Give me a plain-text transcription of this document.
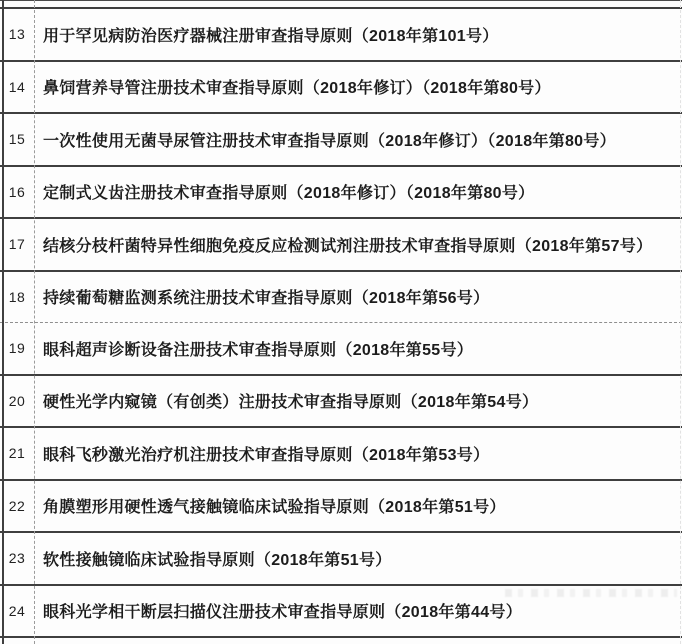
13	用于罕见病防治医疗器械注册审查指导原则（2018年第101号）
14	鼻饲营养导管注册技术审查指导原则（2018年修订）（2018年第80号）
15	一次性使用无菌导尿管注册技术审查指导原则（2018年修订）（2018年第80号）
16	定制式义齿注册技术审查指导原则（2018年修订）（2018年第80号）
17	结核分枝杆菌特异性细胞免疫反应检测试剂注册技术审查指导原则（2018年第57号）
18	持续葡萄糖监测系统注册技术审查指导原则（2018年第56号）
19	眼科超声诊断设备注册技术审查指导原则（2018年第55号）
20	硬性光学内窥镜（有创类）注册技术审查指导原则（2018年第54号）
21	眼科飞秒激光治疗机注册技术审查指导原则（2018年第53号）
22	角膜塑形用硬性透气接触镜临床试验指导原则（2018年第51号）
23	软性接触镜临床试验指导原则（2018年第51号）
24	眼科光学相干断层扫描仪注册技术审查指导原则（2018年第44号）
